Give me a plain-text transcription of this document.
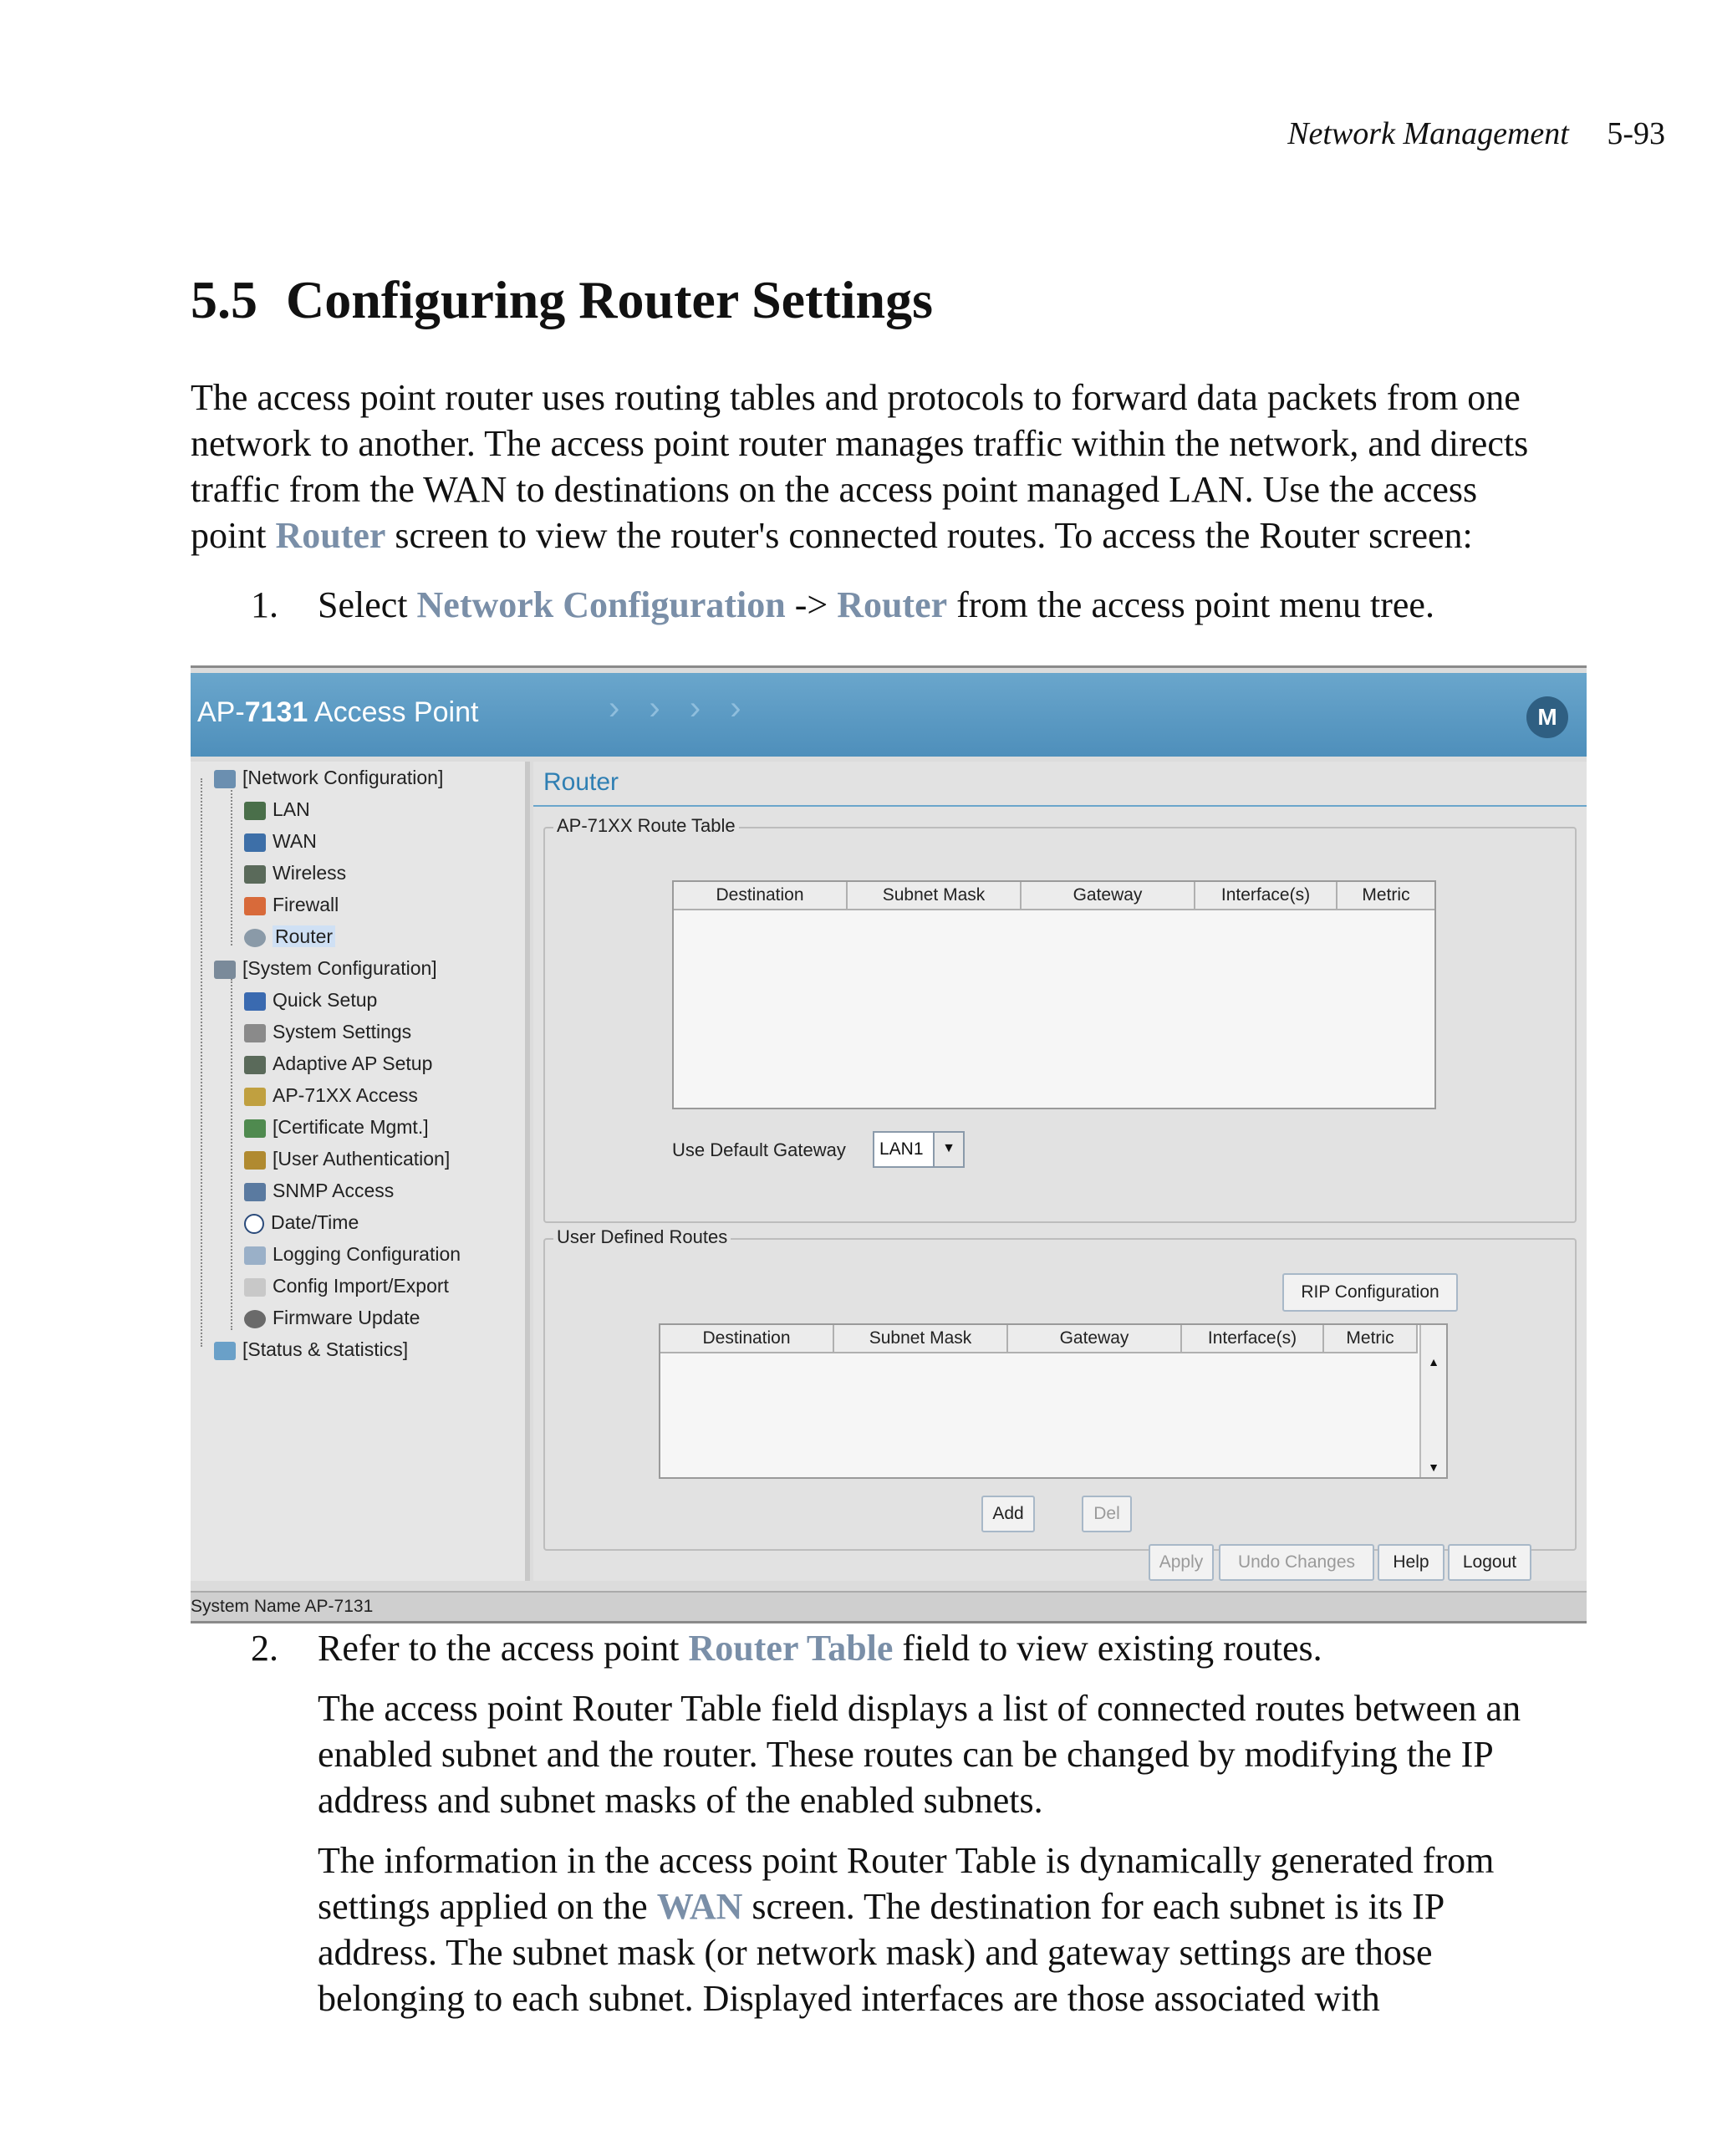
Network Management 5-93
5.5 Configuring Router Settings
The access point router uses routing tables and protocols to forward data packets from one
network to another. The access point router manages traffic within the network, and directs
traffic from the WAN to destinations on the access point managed LAN. Use the access
point Router screen to view the router's connected routes. To access the Router screen:
1. Select Network Configuration -> Router from the access point menu tree.
AP-7131 Access Point	› › › ›	M
[Network Configuration]
LAN
WAN
Wireless
Firewall
Router
[System Configuration]
Quick Setup
System Settings
Adaptive AP Setup
AP-71XX Access
[Certificate Mgmt.]
[User Authentication]
SNMP Access
Date/Time
Logging Configuration
Config Import/Export
Firmware Update
[Status & Statistics]
Router
AP-71XX Route Table
Destination	Subnet Mask	Gateway	Interface(s)	Metric
Use Default Gateway LAN1	▼
User Defined Routes
RIP Configuration
Destination	Subnet Mask	Gateway	Interface(s)	Metric
▲
▼
Add	Del
Apply	Undo Changes	Help	Logout
System Name AP-7131
2. Refer to the access point Router Table field to view existing routes.
The access point Router Table field displays a list of connected routes between an
enabled subnet and the router. These routes can be changed by modifying the IP
address and subnet masks of the enabled subnets.
The information in the access point Router Table is dynamically generated from
settings applied on the WAN screen. The destination for each subnet is its IP
address. The subnet mask (or network mask) and gateway settings are those
belonging to each subnet. Displayed interfaces are those associated with
